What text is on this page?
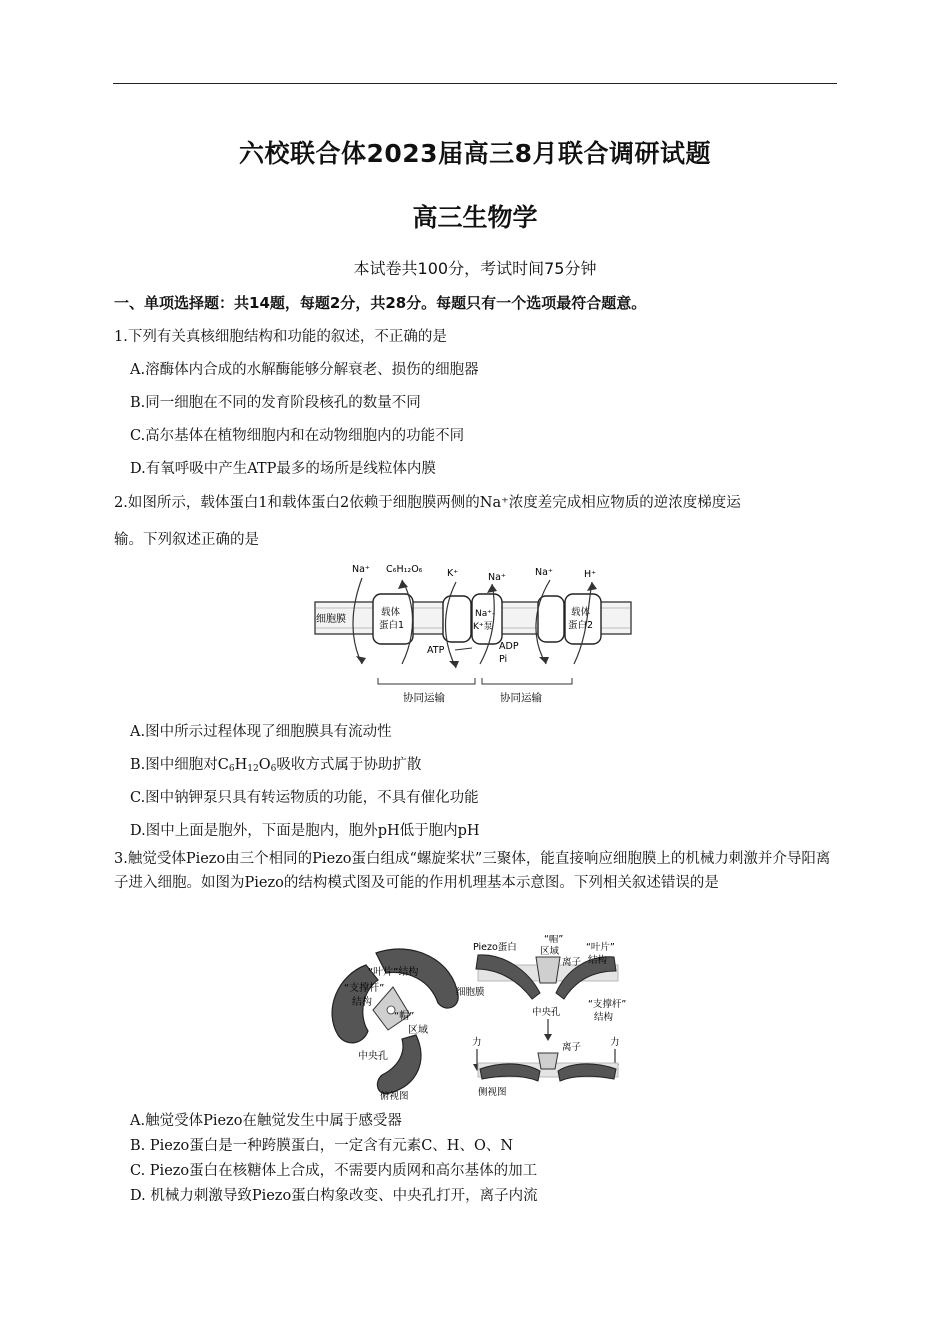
六校联合体2023届高三8月联合调研试题
高三生物学
本试卷共100分，考试时间75分钟
一、单项选择题：共14题，每题2分，共28分。每题只有一个选项最符合题意。
1.下列有关真核细胞结构和功能的叙述，不正确的是
A.溶酶体内合成的水解酶能够分解衰老、损伤的细胞器
B.同一细胞在不同的发育阶段核孔的数量不同
C.高尔基体在植物细胞内和在动物细胞内的功能不同
D.有氧呼吸中产生ATP最多的场所是线粒体内膜
2.如图所示，载体蛋白1和载体蛋白2依赖于细胞膜两侧的Na⁺浓度差完成相应物质的逆浓度梯度运
输。下列叙述正确的是
细胞膜
载体
蛋白1
Na⁺-
K⁺泵
载体
蛋白2
Na⁺ C₆H₁₂O₆	K⁺	Na⁺	Na⁺	H⁺
ATP	ADP
Pi
协同运输	协同运输
A.图中所示过程体现了细胞膜具有流动性
B.图中细胞对$C_6H_{12}O_6$吸收方式属于协助扩散
C.图中钠钾泵只具有转运物质的功能，不具有催化功能
D.图中上面是胞外，下面是胞内，胞外pH低于胞内pH
3.触觉受体Piezo由三个相同的Piezo蛋白组成“螺旋桨状”三聚体，能直接响应细胞膜上的机械力刺激并介导阳离子进入细胞。如图为Piezo的结构模式图及可能的作用机理基本示意图。下列相关叙述错误的是
“叶片”结构
“支撑杆”
结构
“帽”
区域
中央孔
俯视图
Piezo蛋白
“帽”
区域	“叶片”
结构
离子
细胞膜
“支撑杆”
结构
中央孔
力	力
离子
侧视图
A.触觉受体Piezo在触觉发生中属于感受器
B. Piezo蛋白是一种跨膜蛋白，一定含有元素C、H、O、N
C. Piezo蛋白在核糖体上合成，不需要内质网和高尔基体的加工
D. 机械力刺激导致Piezo蛋白构象改变、中央孔打开，离子内流
